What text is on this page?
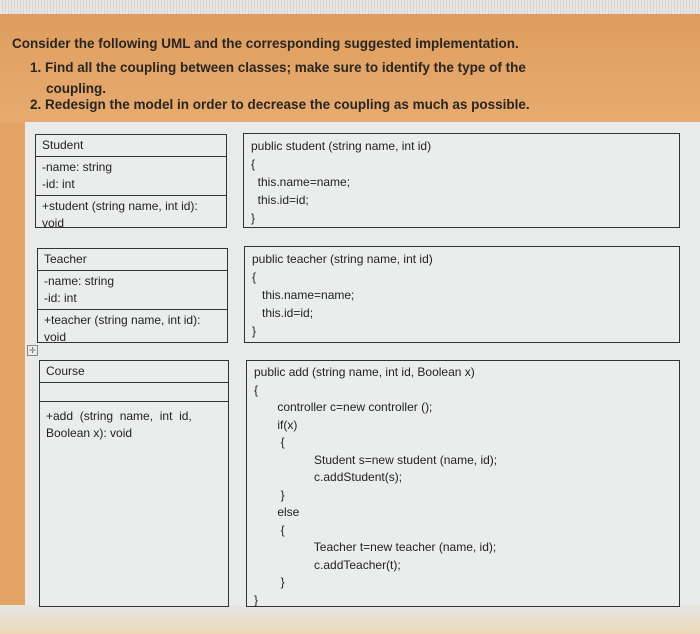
Consider the following UML and the corresponding suggested implementation.
1. Find all the coupling between classes; make sure to identify the type of the
coupling.
2. Redesign the model in order to decrease the coupling as much as possible.
Student
-name: string
-id: int
+student (string name, int id):
void
public student (string name, int id)
{
this.name=name;
this.id=id;
}
Teacher
-name: string
-id: int
+teacher (string name, int id):
void
public teacher (string name, int id)
{
this.name=name;
this.id=id;
}
✛
Course
+add  (string  name,  int  id,
Boolean x): void
public add (string name, int id, Boolean x)
{
controller c=new controller ();
if(x)
{
Student s=new student (name, id);
c.addStudent(s);
}
else
{
Teacher t=new teacher (name, id);
c.addTeacher(t);
}
}
